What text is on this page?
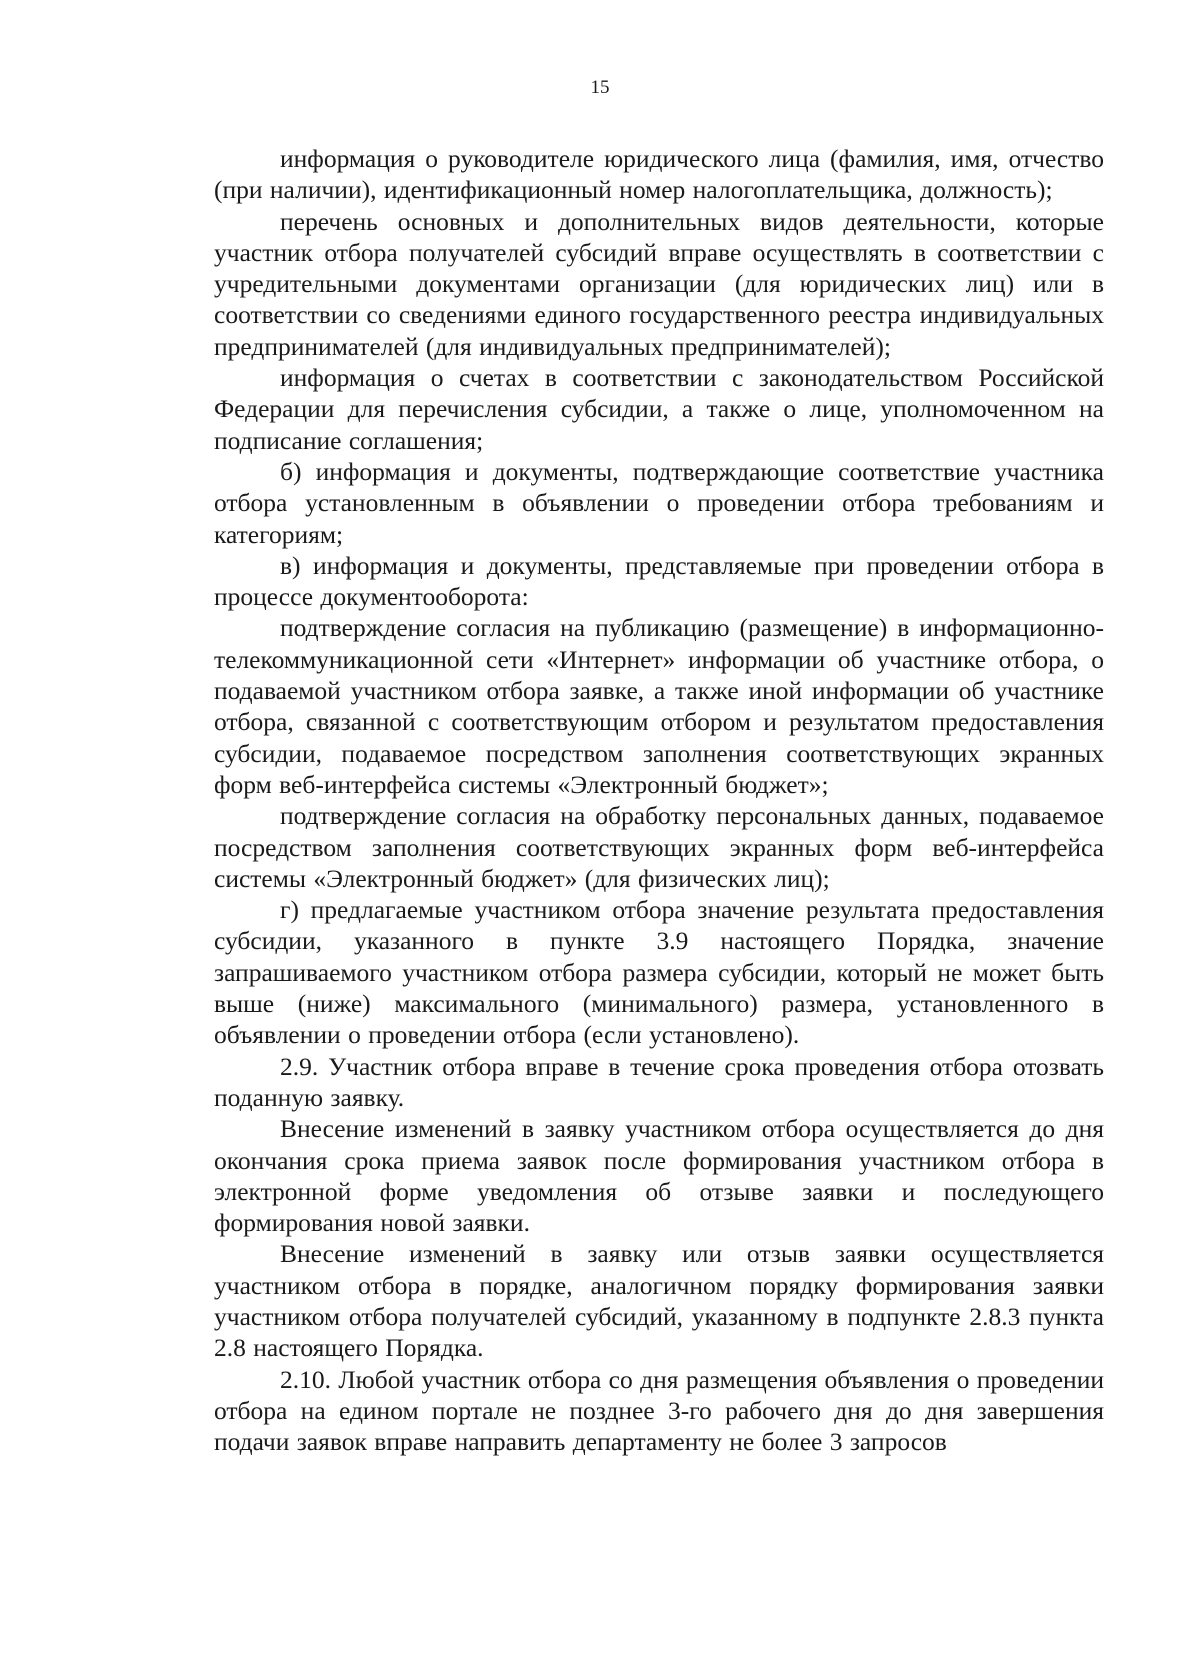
15

информация о руководителе юридического лица (фамилия, имя, отчество (при наличии), идентификационный номер налогоплательщика, должность);

перечень основных и дополнительных видов деятельности, которые участник отбора получателей субсидий вправе осуществлять в соответствии с учредительными документами организации (для юридических лиц) или в соответствии со сведениями единого государственного реестра индивидуальных предпринимателей (для индивидуальных предпринимателей);

информация о счетах в соответствии с законодательством Российской Федерации для перечисления субсидии, а также о лице, уполномоченном на подписание соглашения;

б) информация и документы, подтверждающие соответствие участника отбора установленным в объявлении о проведении отбора требованиям и категориям;

в) информация и документы, представляемые при проведении отбора в процессе документооборота:

подтверждение согласия на публикацию (размещение) в информационно-телекоммуникационной сети «Интернет» информации об участнике отбора, о подаваемой участником отбора заявке, а также иной информации об участнике отбора, связанной с соответствующим отбором и результатом предоставления субсидии, подаваемое посредством заполнения соответствующих экранных форм веб-интерфейса системы «Электронный бюджет»;

подтверждение согласия на обработку персональных данных, подаваемое посредством заполнения соответствующих экранных форм веб-интерфейса системы «Электронный бюджет» (для физических лиц);

г) предлагаемые участником отбора значение результата предоставления субсидии, указанного в пункте 3.9 настоящего Порядка, значение запрашиваемого участником отбора размера субсидии, который не может быть выше (ниже) максимального (минимального) размера, установленного в объявлении о проведении отбора (если установлено).

2.9. Участник отбора вправе в течение срока проведения отбора отозвать поданную заявку.

Внесение изменений в заявку участником отбора осуществляется до дня окончания срока приема заявок после формирования участником отбора в электронной форме уведомления об отзыве заявки и последующего формирования новой заявки.

Внесение изменений в заявку или отзыв заявки осуществляется участником отбора в порядке, аналогичном порядку формирования заявки участником отбора получателей субсидий, указанному в подпункте 2.8.3 пункта 2.8 настоящего Порядка.

2.10. Любой участник отбора со дня размещения объявления о проведении отбора на едином портале не позднее 3-го рабочего дня до дня завершения подачи заявок вправе направить департаменту не более 3 запросов
